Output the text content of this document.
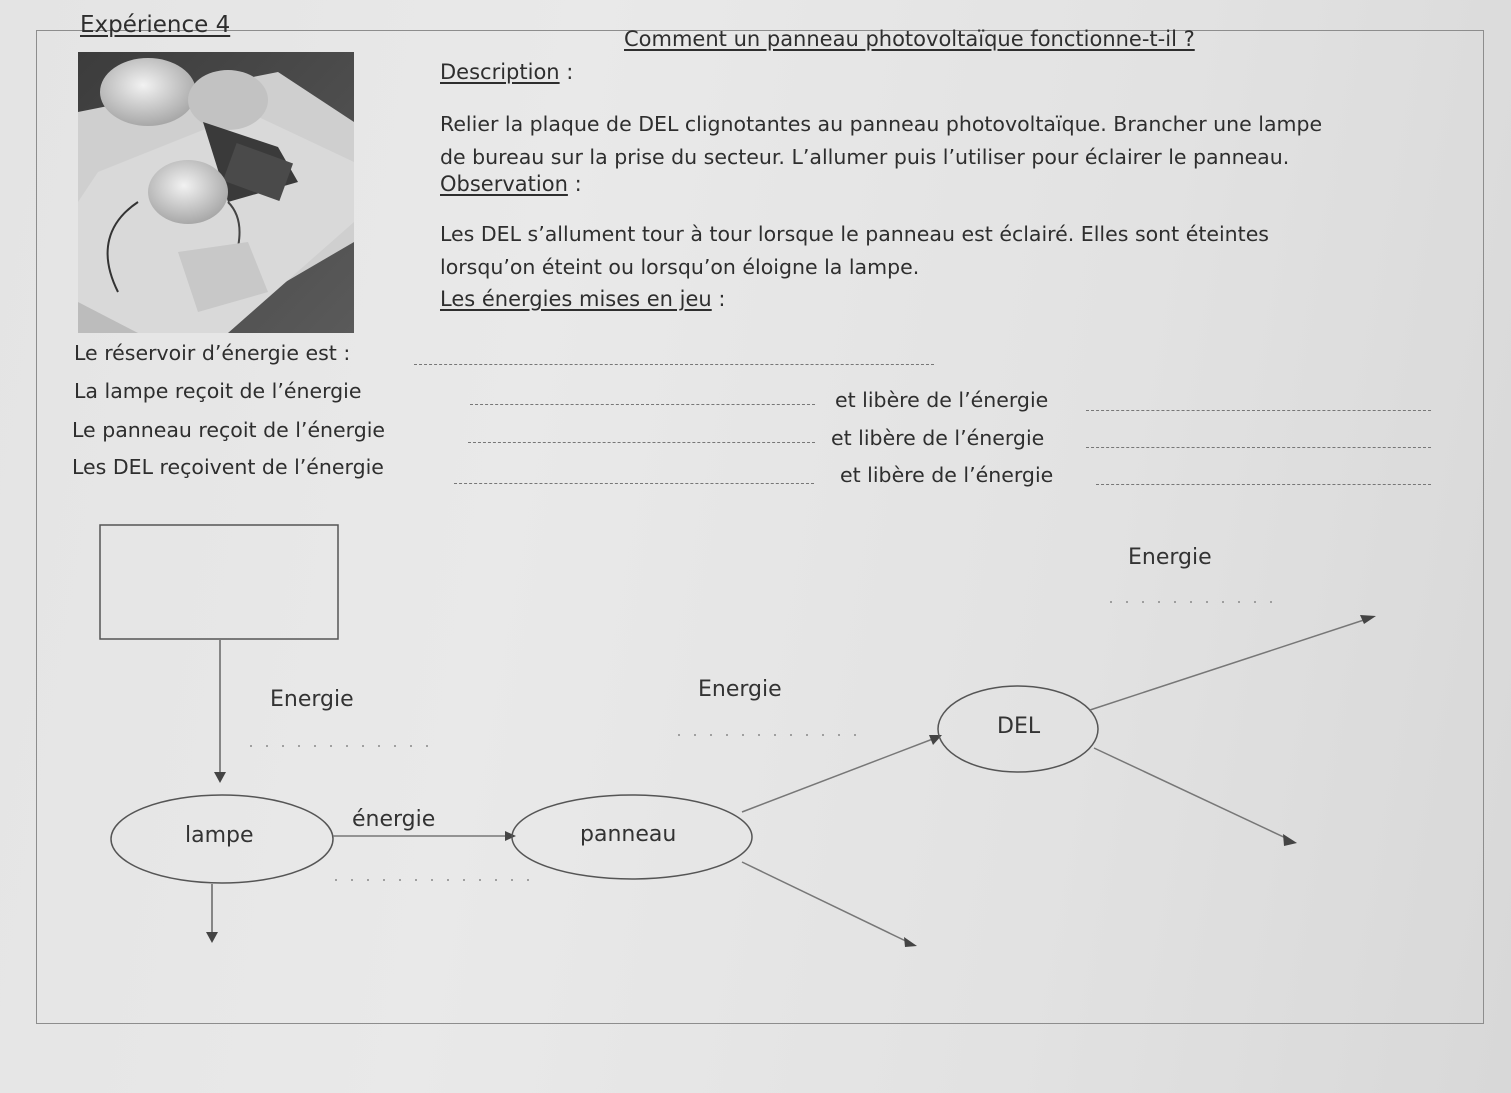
Expérience 4
Comment un panneau photovoltaïque fonctionne-t-il ?
Description :
Relier la plaque de DEL clignotantes au panneau photovoltaïque. Brancher une lampe
de bureau sur la prise du secteur. L’allumer puis l’utiliser pour éclairer le panneau.
Observation :
Les DEL s’allument tour à tour lorsque le panneau est éclairé. Elles sont éteintes
lorsqu’on éteint ou lorsqu’on éloigne la lampe.
Les énergies mises en jeu :
Le réservoir d’énergie est :
La lampe reçoit de l’énergie	et libère de l’énergie
Le panneau reçoit de l’énergie	et libère de l’énergie
Les DEL reçoivent de l’énergie	et libère de l’énergie
Energie
lampe
énergie
panneau
Energie
DEL
Energie
